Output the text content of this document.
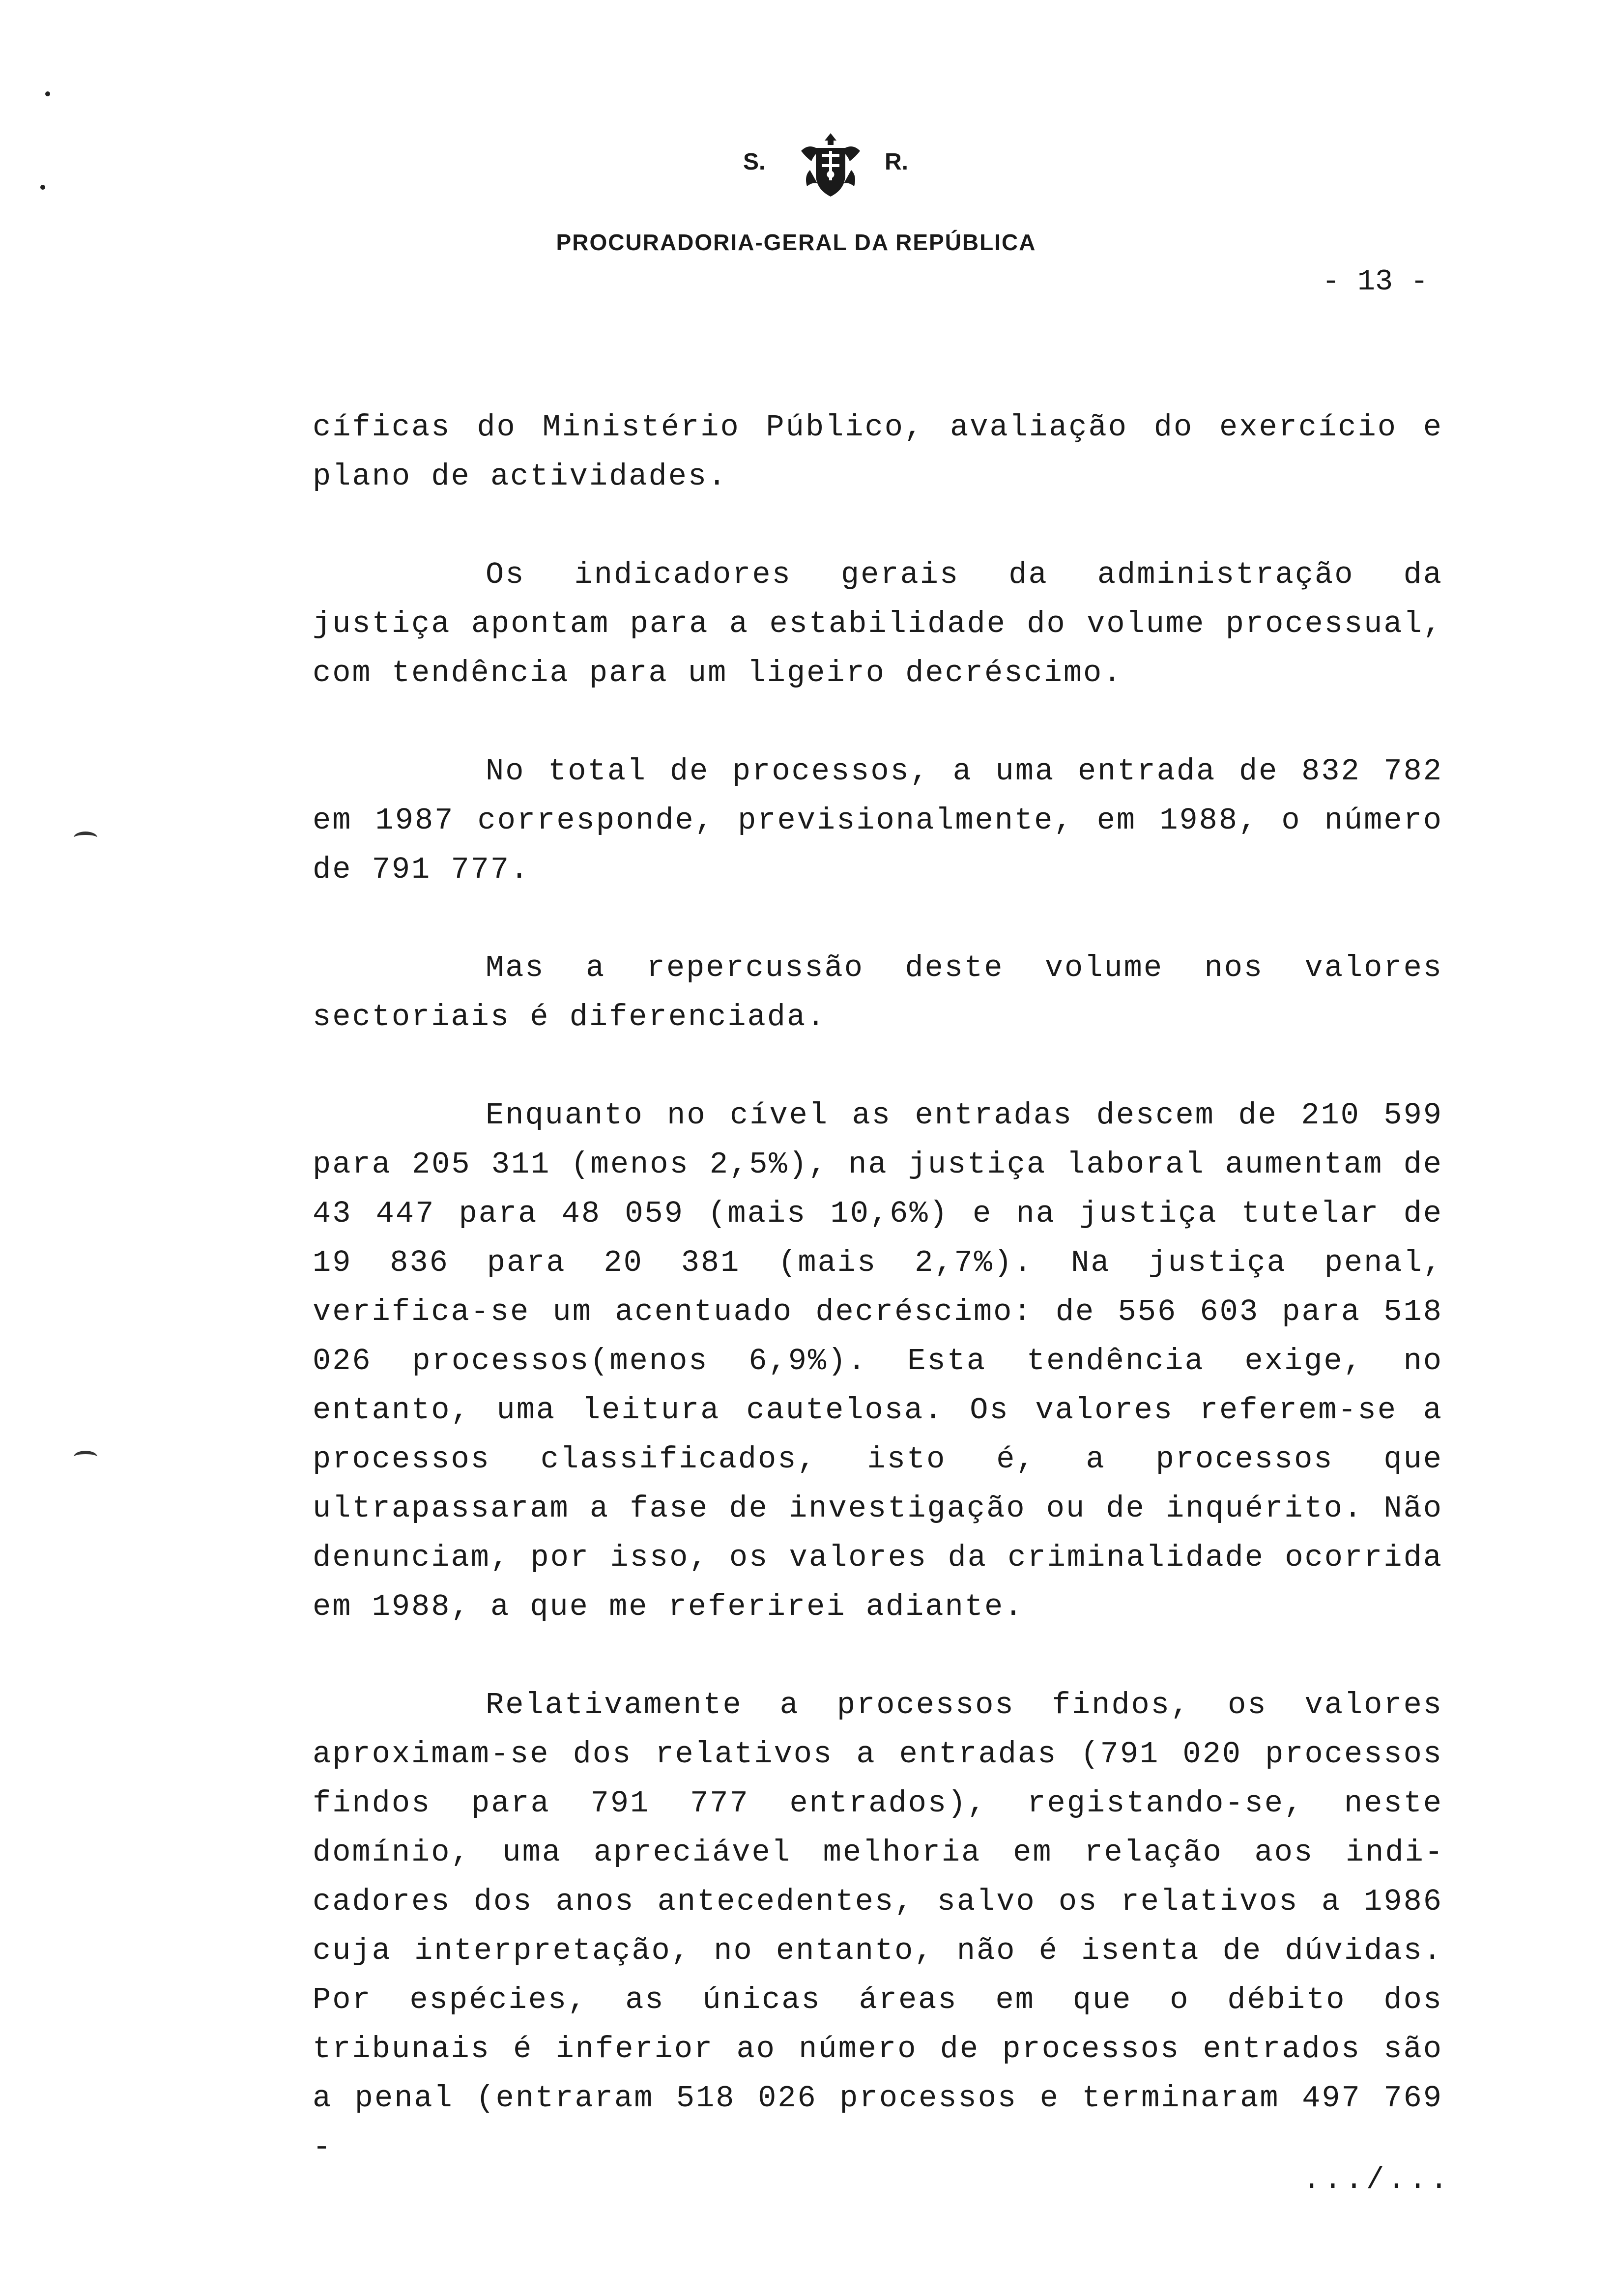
S.	R.
PROCURADORIA-GERAL DA REPÚBLICA
- 13 -

cíficas do Ministério Público, avaliação do exercício e plano de actividades.

Os indicadores gerais da administração da justiça apontam para a estabilidade do volume processual, com tendência para um ligeiro decréscimo.

No total de processos, a uma entrada de 832 782 em 1987 corresponde, previsionalmente, em 1988, o número de 791 777.

Mas a repercussão deste volume nos valores sectoriais é diferenciada.

Enquanto no cível as entradas descem de 210 599 para 205 311 (menos 2,5%), na justiça laboral aumentam de 43 447 para 48 059 (mais 10,6%) e na justiça tutelar de 19 836 para 20 381 (mais 2,7%). Na justiça penal, verifica-se um acentuado decréscimo: de 556 603 para 518 026 processos(menos 6,9%). Esta tendência exige, no entanto, uma leitura cautelosa. Os valores referem-se a processos classificados, isto é, a processos que ultrapassaram a fase de investigação ou de inquérito. Não denunciam, por isso, os valores da criminalidade ocorrida em 1988, a que me referirei adiante.

Relativamente a processos findos, os valores aproximam-se dos relativos a entradas (791 020 processos findos para 791 777 entrados), registando-se, neste domínio, uma apreciável melhoria em relação aos indicadores dos anos antecedentes, salvo os relativos a 1986 cuja interpretação, no entanto, não é isenta de dúvidas. Por espécies, as únicas áreas em que o débito dos tribunais é inferior ao número de processos entrados são a penal (entraram 518 026 processos e terminaram 497 769 -

.../...
